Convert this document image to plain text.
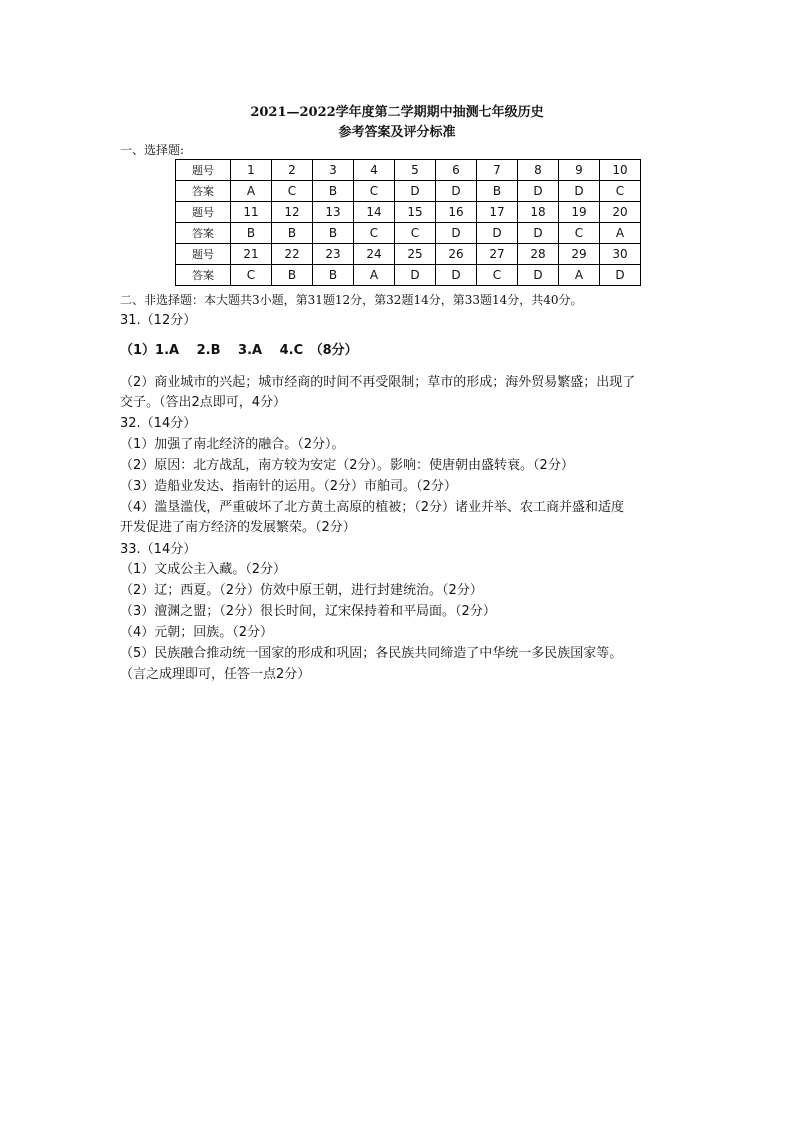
2021—2022学年度第二学期期中抽测七年级历史
参考答案及评分标准
一、选择题:
题号	1	2	3	4	5	6	7	8	9	10
答案	A	C	B	C	D	D	B	D	D	C
题号	11	12	13	14	15	16	17	18	19	20
答案	B	B	B	C	C	D	D	D	C	A
题号	21	22	23	24	25	26	27	28	29	30
答案	C	B	B	A	D	D	C	D	A	D
二、非选择题：本大题共3小题，第31题12分，第32题14分，第33题14分，共40分。
31.（12分）
（1）1.A　 2.B　 3.A　 4.C　（8分）
（2）商业城市的兴起；城市经商的时间不再受限制；草市的形成；海外贸易繁盛；出现了
交子。（答出2点即可，4分）
32.（14分）
（1）加强了南北经济的融合。（2分）。
（2）原因：北方战乱，南方较为安定（2分）。影响：使唐朝由盛转衰。（2分）
（3）造船业发达、指南针的运用。（2分）市舶司。（2分）
（4）滥垦滥伐，严重破坏了北方黄土高原的植被；（2分）诸业并举、农工商并盛和适度
开发促进了南方经济的发展繁荣。（2分）
33.（14分）
（1）文成公主入藏。（2分）
（2）辽；西夏。（2分）仿效中原王朝，进行封建统治。（2分）
（3）澶渊之盟；（2分）很长时间，辽宋保持着和平局面。（2分）
（4）元朝；回族。（2分）
（5）民族融合推动统一国家的形成和巩固；各民族共同缔造了中华统一多民族国家等。
（言之成理即可，任答一点2分）
